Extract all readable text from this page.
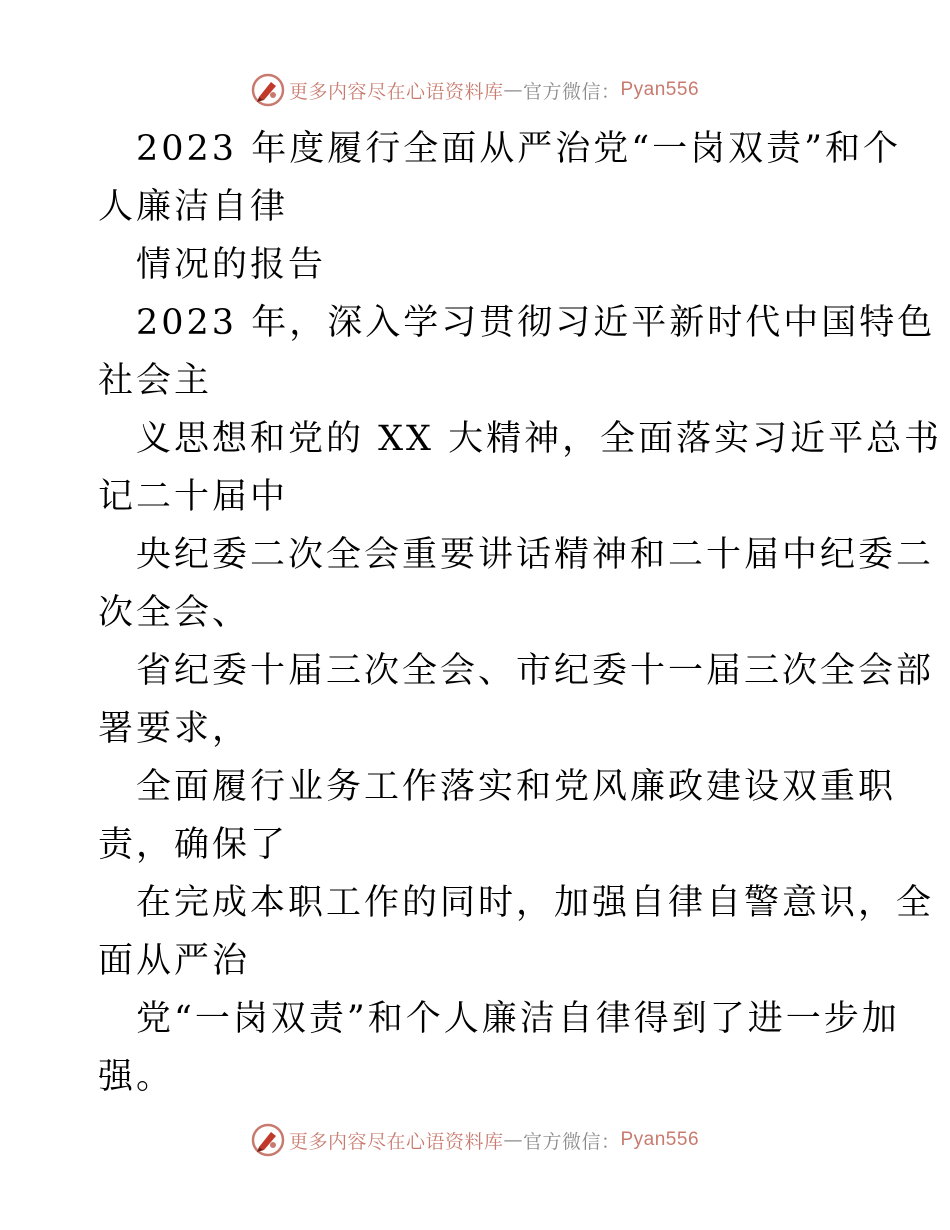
更多内容尽在心语资料库 — 官方微信： Pyan556
2023 年度履行全面从严治党“一岗双责”和个
人廉洁自律
情况的报告
2023 年，深入学习贯彻习近平新时代中国特色
社会主
义思想和党的 XX 大精神，全面落实习近平总书
记二十届中
央纪委二次全会重要讲话精神和二十届中纪委二
次全会、
省纪委十届三次全会、市纪委十一届三次全会部
署要求，
全面履行业务工作落实和党风廉政建设双重职
责，确保了
在完成本职工作的同时，加强自律自警意识，全
面从严治
党“一岗双责”和个人廉洁自律得到了进一步加
强。
更多内容尽在心语资料库 — 官方微信： Pyan556
